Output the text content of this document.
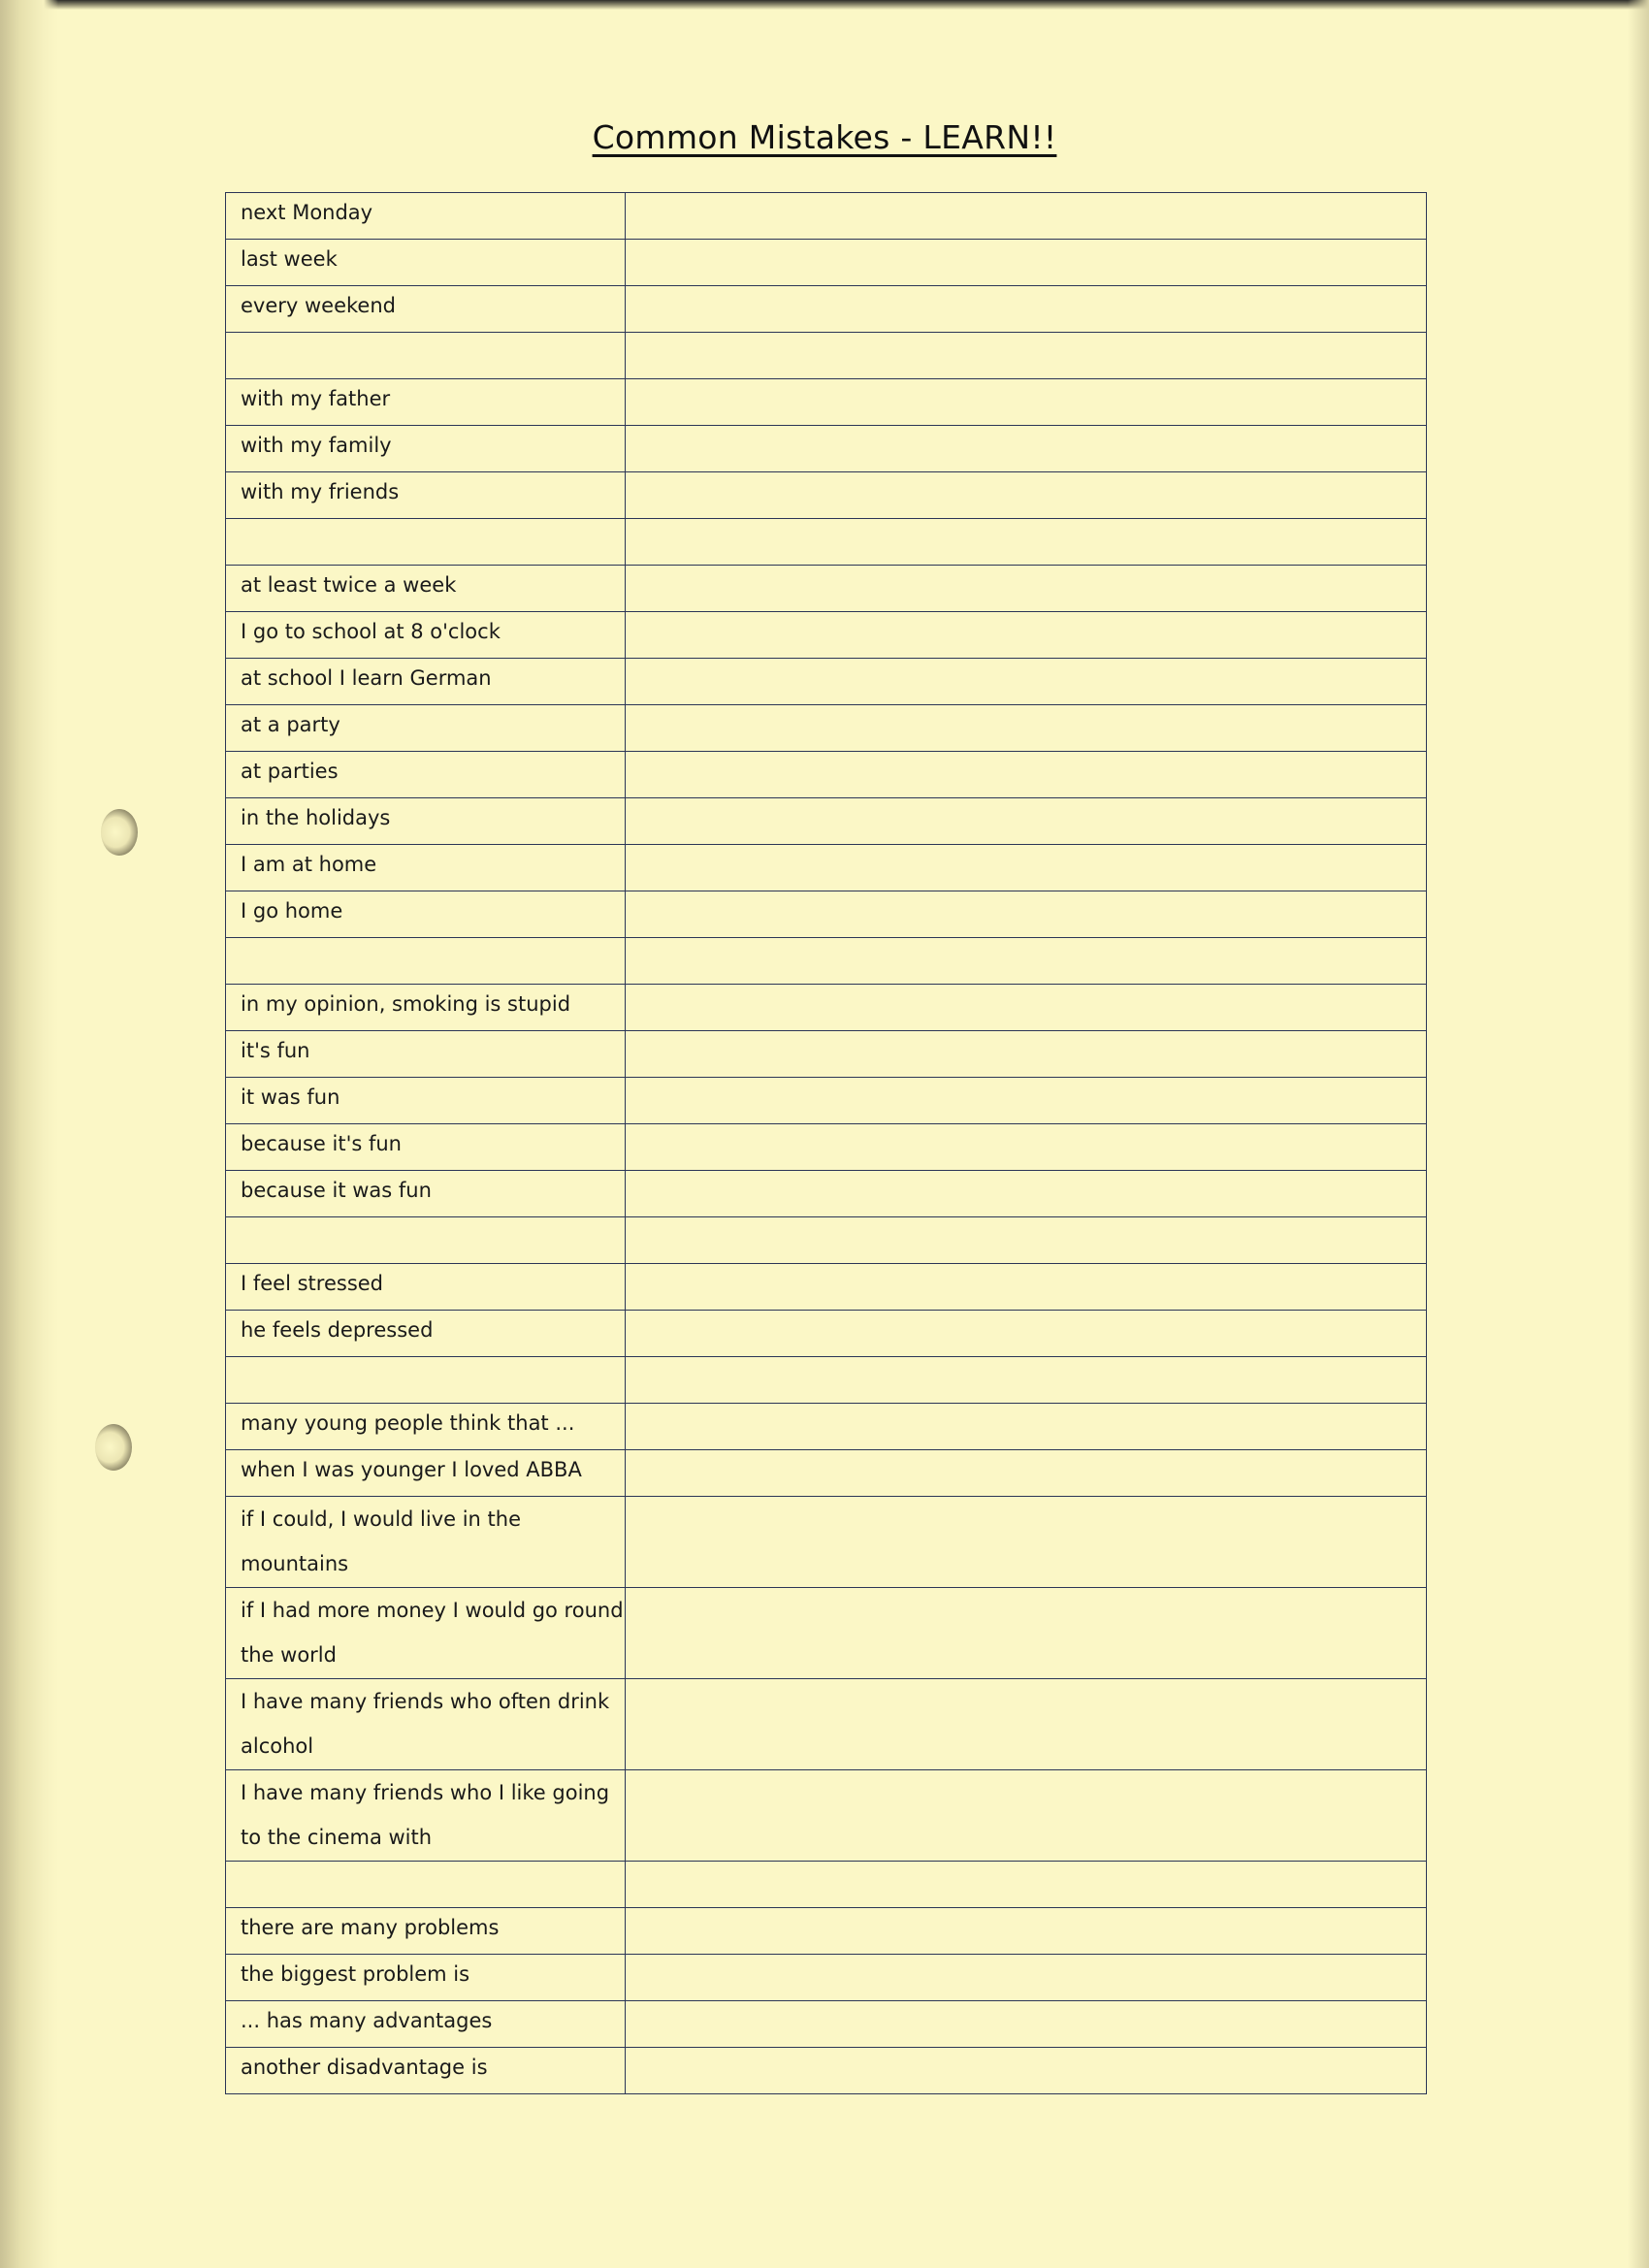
Common Mistakes - LEARN!!
next Monday	
last week	
every weekend	

with my father	
with my family	
with my friends	

at least twice a week	
I go to school at 8 o'clock	
at school I learn German	
at a party	
at parties	
in the holidays	
I am at home	
I go home	

in my opinion, smoking is stupid	
it's fun	
it was fun	
because it's fun	
because it was fun	

I feel stressed	
he feels depressed	

many young people think that ...	
when I was younger I loved ABBA	
if I could, I would live in the mountains	
if I had more money I would go round the world	
I have many friends who often drink alcohol	
I have many friends who I like going to the cinema with	

there are many problems	
the biggest problem is	
... has many advantages	
another disadvantage is	
